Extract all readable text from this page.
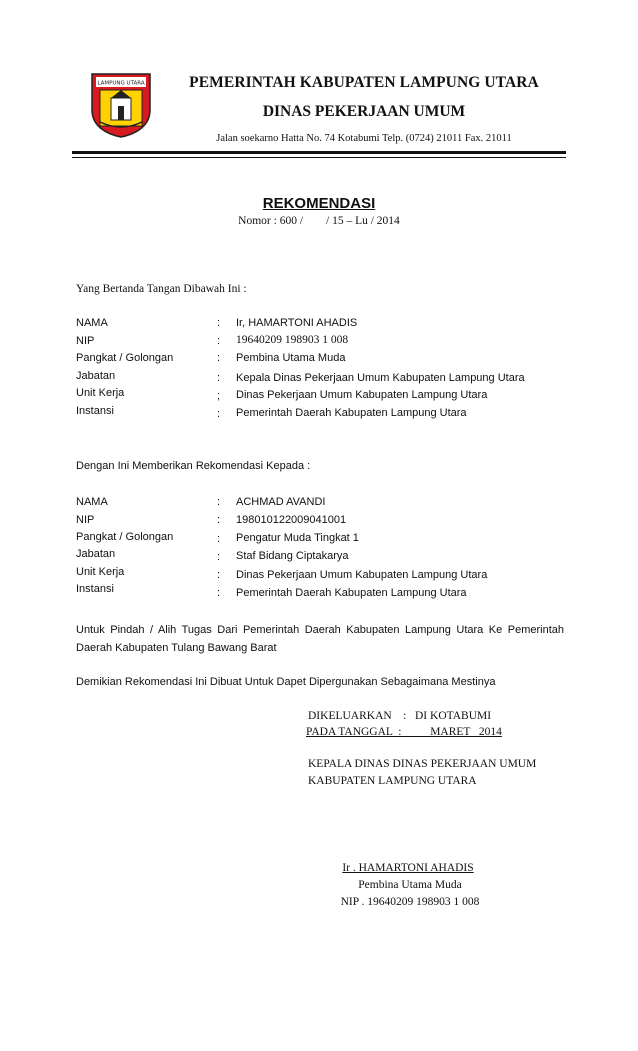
LAMPUNG UTARA	PEMERINTAH KABUPATEN LAMPUNG UTARA
DINAS PEKERJAAN UMUM
Jalan soekarno Hatta No. 74 Kotabumi Telp. (0724) 21011 Fax. 21011
REKOMENDASI
Nomor : 600 /        / 15 – Lu / 2014
Yang Bertanda Tangan Dibawah Ini :
NAMA	: Ir, HAMARTONI AHADIS
NIP	: 19640209 198903 1 008
Pangkat / Golongan	: Pembina Utama Muda
Jabatan	: Kepala Dinas Pekerjaan Umum Kabupaten Lampung Utara
Unit Kerja	; Dinas Pekerjaan Umum Kabupaten Lampung Utara
Instansi	: Pemerintah Daerah Kabupaten Lampung Utara
Dengan Ini Memberikan Rekomendasi Kepada :
NAMA	: ACHMAD AVANDI
NIP	: 198010122009041001
Pangkat / Golongan	: Pengatur Muda Tingkat 1
Jabatan	: Staf Bidang Ciptakarya
Unit Kerja	: Dinas Pekerjaan Umum Kabupaten Lampung Utara
Instansi	: Pemerintah Daerah Kabupaten Lampung Utara
Untuk Pindah / Alih Tugas Dari Pemerintah Daerah Kabupaten Lampung Utara Ke Pemerintah Daerah Kabupaten Tulang Bawang Barat
Demikian Rekomendasi Ini Dibuat Untuk Dapet Dipergunakan Sebagaimana Mestinya
DIKELUARKAN    :   DI KOTABUMI
PADA TANGGAL  :          MARET   2014
KEPALA DINAS DINAS PEKERJAAN UMUM
KABUPATEN LAMPUNG UTARA
Ir . HAMARTONI AHADIS
Pembina Utama Muda
NIP . 19640209 198903 1 008
